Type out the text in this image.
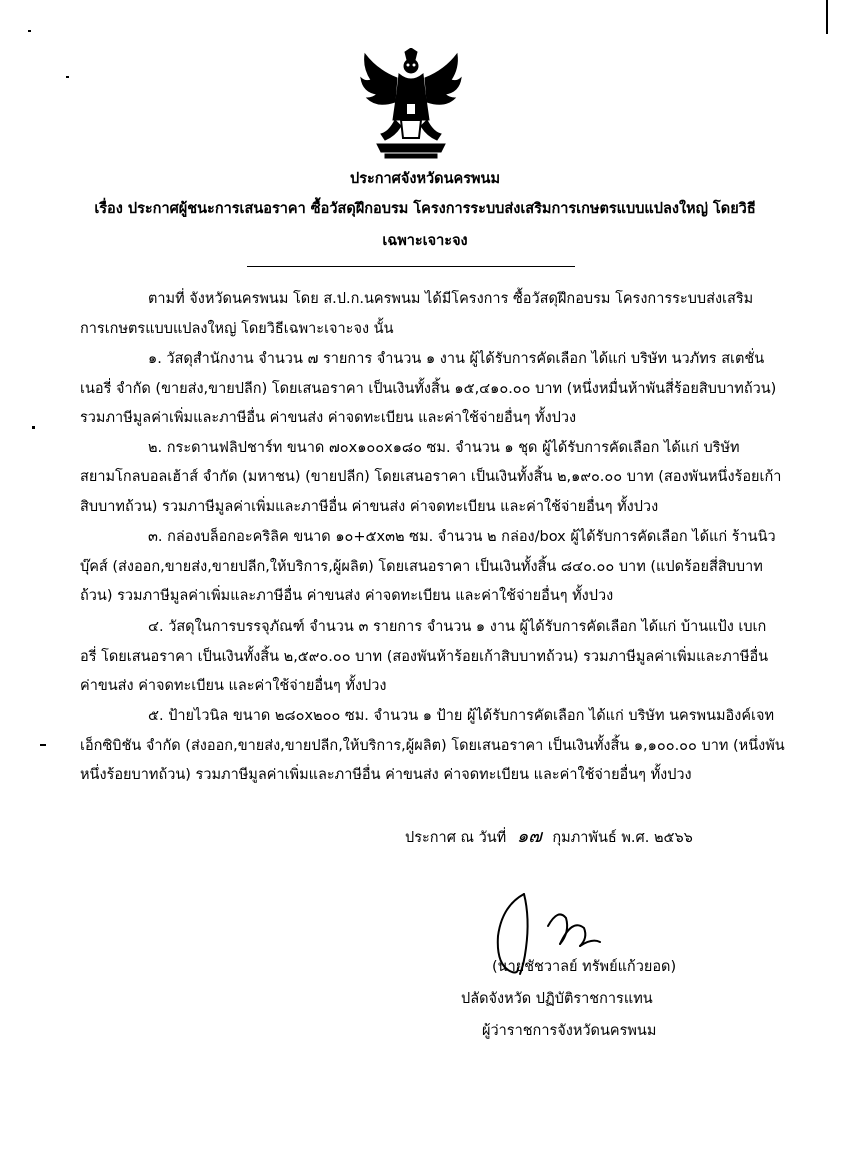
ประกาศจังหวัดนครพนม
เรื่อง ประกาศผู้ชนะการเสนอราคา ซื้อวัสดุฝึกอบรม โครงการระบบส่งเสริมการเกษตรแบบแปลงใหญ่ โดยวิธี
เฉพาะเจาะจง
ตามที่ จังหวัดนครพนม โดย ส.ป.ก.นครพนม ได้มีโครงการ ซื้อวัสดุฝึกอบรม โครงการระบบส่งเสริม
การเกษตรแบบแปลงใหญ่ โดยวิธีเฉพาะเจาะจง นั้น
๑. วัสดุสำนักงาน จำนวน ๗ รายการ จำนวน ๑ งาน ผู้ได้รับการคัดเลือก ได้แก่ บริษัท นวภัทร สเตชั่น
เนอรี่ จำกัด (ขายส่ง,ขายปลีก) โดยเสนอราคา เป็นเงินทั้งสิ้น ๑๕,๔๑๐.๐๐ บาท (หนึ่งหมื่นห้าพันสี่ร้อยสิบบาทถ้วน)
รวมภาษีมูลค่าเพิ่มและภาษีอื่น ค่าขนส่ง ค่าจดทะเบียน และค่าใช้จ่ายอื่นๆ ทั้งปวง
๒. กระดานฟลิปชาร์ท ขนาด ๗๐x๑๐๐x๑๘๐ ซม. จำนวน ๑ ชุด ผู้ได้รับการคัดเลือก ได้แก่ บริษัท
สยามโกลบอลเฮ้าส์ จำกัด (มหาชน) (ขายปลีก) โดยเสนอราคา เป็นเงินทั้งสิ้น ๒,๑๙๐.๐๐ บาท (สองพันหนึ่งร้อยเก้า
สิบบาทถ้วน) รวมภาษีมูลค่าเพิ่มและภาษีอื่น ค่าขนส่ง ค่าจดทะเบียน และค่าใช้จ่ายอื่นๆ ทั้งปวง
๓. กล่องบล็อกอะคริลิค ขนาด ๑๐+๕x๓๒ ซม. จำนวน ๒ กล่อง/box ผู้ได้รับการคัดเลือก ได้แก่ ร้านนิว
บุ๊คส์ (ส่งออก,ขายส่ง,ขายปลีก,ให้บริการ,ผู้ผลิต) โดยเสนอราคา เป็นเงินทั้งสิ้น ๘๔๐.๐๐ บาท (แปดร้อยสี่สิบบาท
ถ้วน) รวมภาษีมูลค่าเพิ่มและภาษีอื่น ค่าขนส่ง ค่าจดทะเบียน และค่าใช้จ่ายอื่นๆ ทั้งปวง
๔. วัสดุในการบรรจุภัณฑ์ จำนวน ๓ รายการ จำนวน ๑ งาน ผู้ได้รับการคัดเลือก ได้แก่ บ้านแป้ง เบเก
อรี่ โดยเสนอราคา เป็นเงินทั้งสิ้น ๒,๕๙๐.๐๐ บาท (สองพันห้าร้อยเก้าสิบบาทถ้วน) รวมภาษีมูลค่าเพิ่มและภาษีอื่น
ค่าขนส่ง ค่าจดทะเบียน และค่าใช้จ่ายอื่นๆ ทั้งปวง
๕. ป้ายไวนิล ขนาด ๒๘๐x๒๐๐ ซม. จำนวน ๑ ป้าย ผู้ได้รับการคัดเลือก ได้แก่ บริษัท นครพนมอิงค์เจท
เอ็กซิบิชัน จำกัด (ส่งออก,ขายส่ง,ขายปลีก,ให้บริการ,ผู้ผลิต) โดยเสนอราคา เป็นเงินทั้งสิ้น ๑,๑๐๐.๐๐ บาท (หนึ่งพัน
หนึ่งร้อยบาทถ้วน) รวมภาษีมูลค่าเพิ่มและภาษีอื่น ค่าขนส่ง ค่าจดทะเบียน และค่าใช้จ่ายอื่นๆ ทั้งปวง
ประกาศ ณ วันที่ ๑๗ กุมภาพันธ์ พ.ศ. ๒๕๖๖
(นายชัชวาลย์ ทรัพย์แก้วยอด)
ปลัดจังหวัด ปฏิบัติราชการแทน
ผู้ว่าราชการจังหวัดนครพนม
